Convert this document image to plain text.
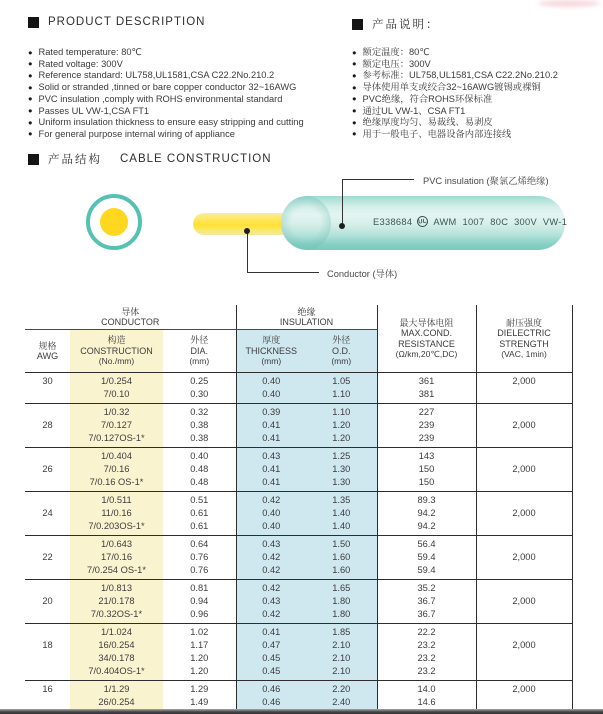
PRODUCT DESCRIPTION
● Rated temperature: 80℃
● Rated voltage: 300V
● Reference standard: UL758,UL1581,CSA C22.2No.210.2
● Solid or stranded ,tinned or bare copper conductor 32~16AWG
● PVC insulation ,comply with ROHS environmental standard
● Passes UL VW-1,CSA FT1
● Uniform insulation thickness to ensure easy stripping and cutting
● For general purpose internal wiring of appliance
产品说明：
● 额定温度：80℃
● 额定电压：300V
● 参考标准：UL758,UL1581,CSA C22.2No.210.2
● 导体使用单支或绞合32~16AWG镀锡或裸铜
● PVC绝缘，符合ROHS环保标准
● 通过UL VW-1、CSA FT1
● 绝缘厚度均匀、易裁线、易剥皮
● 用于一般电子、电器设备内部连接线
产品结构 CABLE CONSTRUCTION
E338684 UL AWM 1007 80C 300V VW-1
PVC insulation (聚氯乙烯绝缘)
Conductor (导体)
导体
CONDUCTOR			绝缘
INSULATION		最大导体电阻
MAX.COND.
RESISTANCE
(Ω/km,20℃,DC)	耐压强度
DIELECTRIC
STRENGTH
(VAC, 1min)

规格
AWG	构造
CONSTRUCTION
(No./mm)	外径
DIA.
(mm)	厚度
THICKNESS
(mm)	外径
O.D.
(mm)		

30	1/0.254	0.25	0.40	1.05	361	2,000
	7/0.10	0.30	0.40	1.10	381	
	1/0.32	0.32	0.39	1.10	227	
28	7/0.127	0.38	0.41	1.20	239	2,000
	7/0.127OS-1*	0.38	0.41	1.20	239	
	1/0.404	0.40	0.43	1.25	143	
26	7/0.16	0.48	0.41	1.30	150	2,000
	7/0.16 OS-1*	0.48	0.41	1.30	150	
	1/0.511	0.51	0.42	1.35	89.3	
24	11/0.16	0.61	0.40	1.40	94.2	2,000
	7/0.203OS-1*	0.61	0.40	1.40	94.2	
	1/0.643	0.64	0.43	1.50	56.4	
22	17/0.16	0.76	0.42	1.60	59.4	2,000
	7/0.254 OS-1*	0.76	0.42	1.60	59.4	
	1/0.813	0.81	0.42	1.65	35.2	
20	21/0.178	0.94	0.43	1.80	36.7	2,000
	7/0.32OS-1*	0.96	0.42	1.80	36.7	
	1/1.024	1.02	0.41	1.85	22.2	
18	16/0.254	1.17	0.47	2.10	23.2	2,000
	34/0.178	1.20	0.45	2.10	23.2	
	7/0.404OS-1*	1.20	0.45	2.10	23.2	
16	1/1.29	1.29	0.46	2.20	14.0	2,000
	26/0.254	1.49	0.46	2.40	14.6	
